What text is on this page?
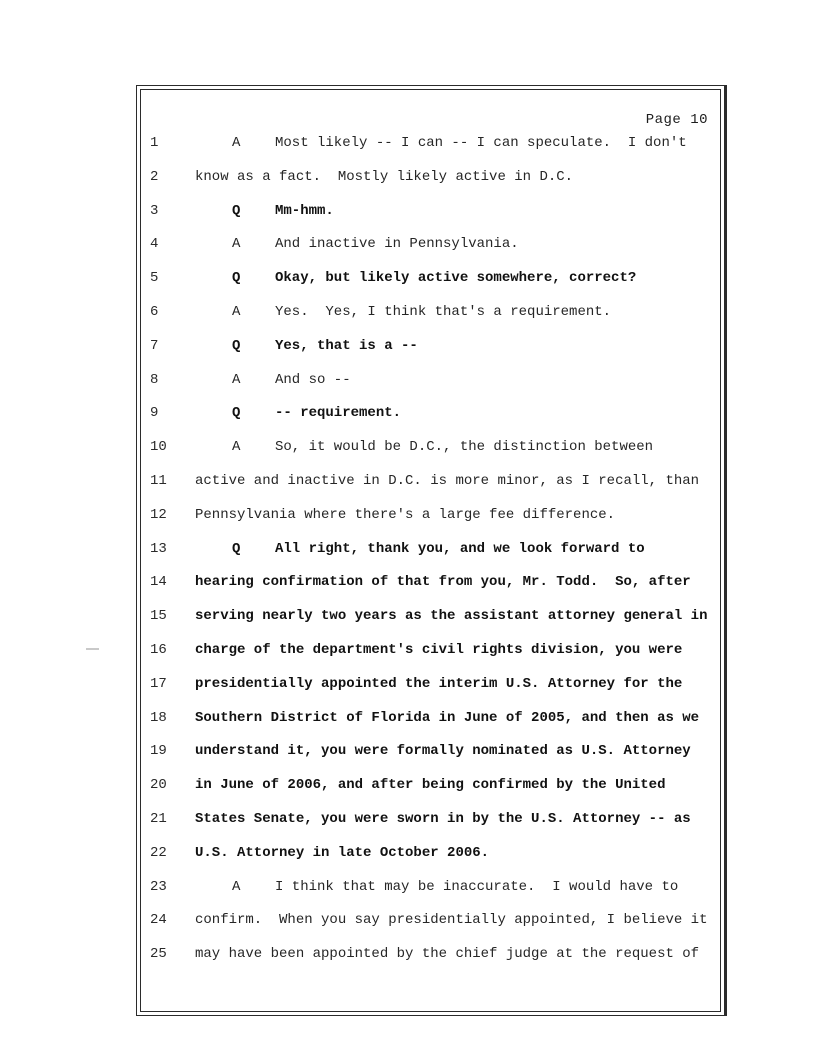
Page 10
1	A Most likely -- I can -- I can speculate.  I don't
2	know as a fact.  Mostly likely active in D.C.
3	Q Mm-hmm.
4	A And inactive in Pennsylvania.
5	Q Okay, but likely active somewhere, correct?
6	A Yes.  Yes, I think that's a requirement.
7	Q Yes, that is a --
8	A And so --
9	Q -- requirement.
10	A So, it would be D.C., the distinction between
11	active and inactive in D.C. is more minor, as I recall, than
12	Pennsylvania where there's a large fee difference.
13	Q All right, thank you, and we look forward to
14	hearing confirmation of that from you, Mr. Todd.  So, after
15	serving nearly two years as the assistant attorney general in
16	charge of the department's civil rights division, you were
17	presidentially appointed the interim U.S. Attorney for the
18	Southern District of Florida in June of 2005, and then as we
19	understand it, you were formally nominated as U.S. Attorney
20	in June of 2006, and after being confirmed by the United
21	States Senate, you were sworn in by the U.S. Attorney -- as
22	U.S. Attorney in late October 2006.
23	A I think that may be inaccurate.  I would have to
24	confirm.  When you say presidentially appointed, I believe it
25	may have been appointed by the chief judge at the request of
